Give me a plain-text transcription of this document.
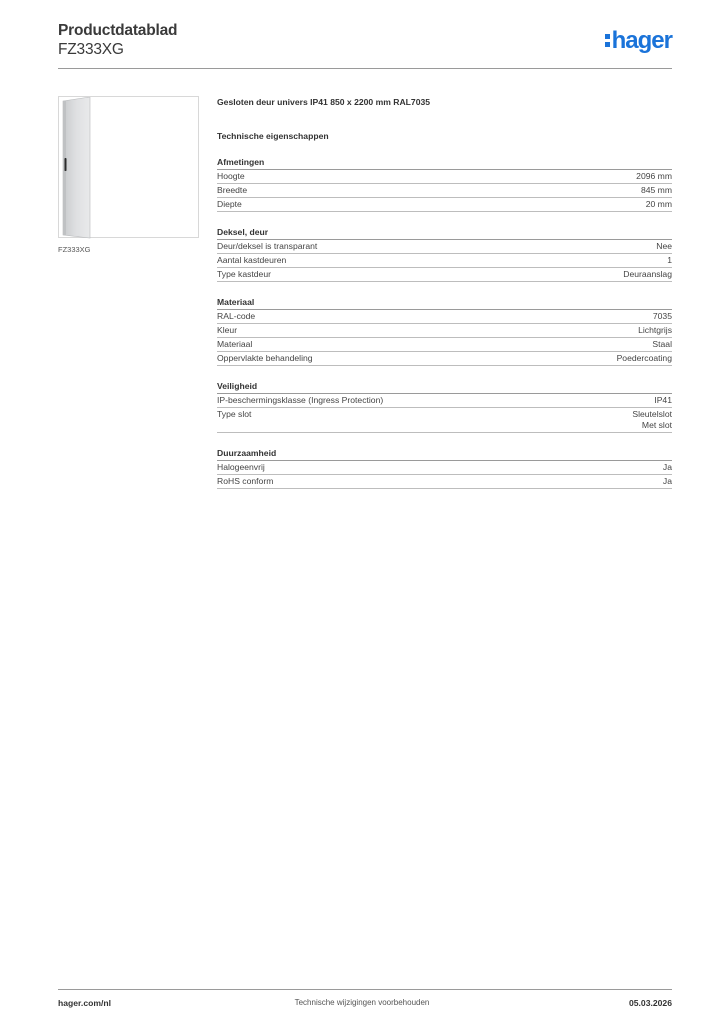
Productdatablad
FZ333XG	hager
FZ333XG
Gesloten deur univers IP41 850 x 2200 mm RAL7035
Technische eigenschappen
Afmetingen
Hoogte	2096 mm
Breedte	845 mm
Diepte	20 mm
Deksel, deur
Deur/deksel is transparant	Nee
Aantal kastdeuren	1
Type kastdeur	Deuraanslag
Materiaal
RAL-code	7035
Kleur	Lichtgrijs
Materiaal	Staal
Oppervlakte behandeling	Poedercoating
Veiligheid
IP-beschermingsklasse (Ingress Protection)	IP41
Type slot	Sleutelslot
Met slot
Duurzaamheid
Halogeenvrij	Ja
RoHS conform	Ja
hager.com/nl	Technische wijzigingen voorbehouden	05.03.2026
